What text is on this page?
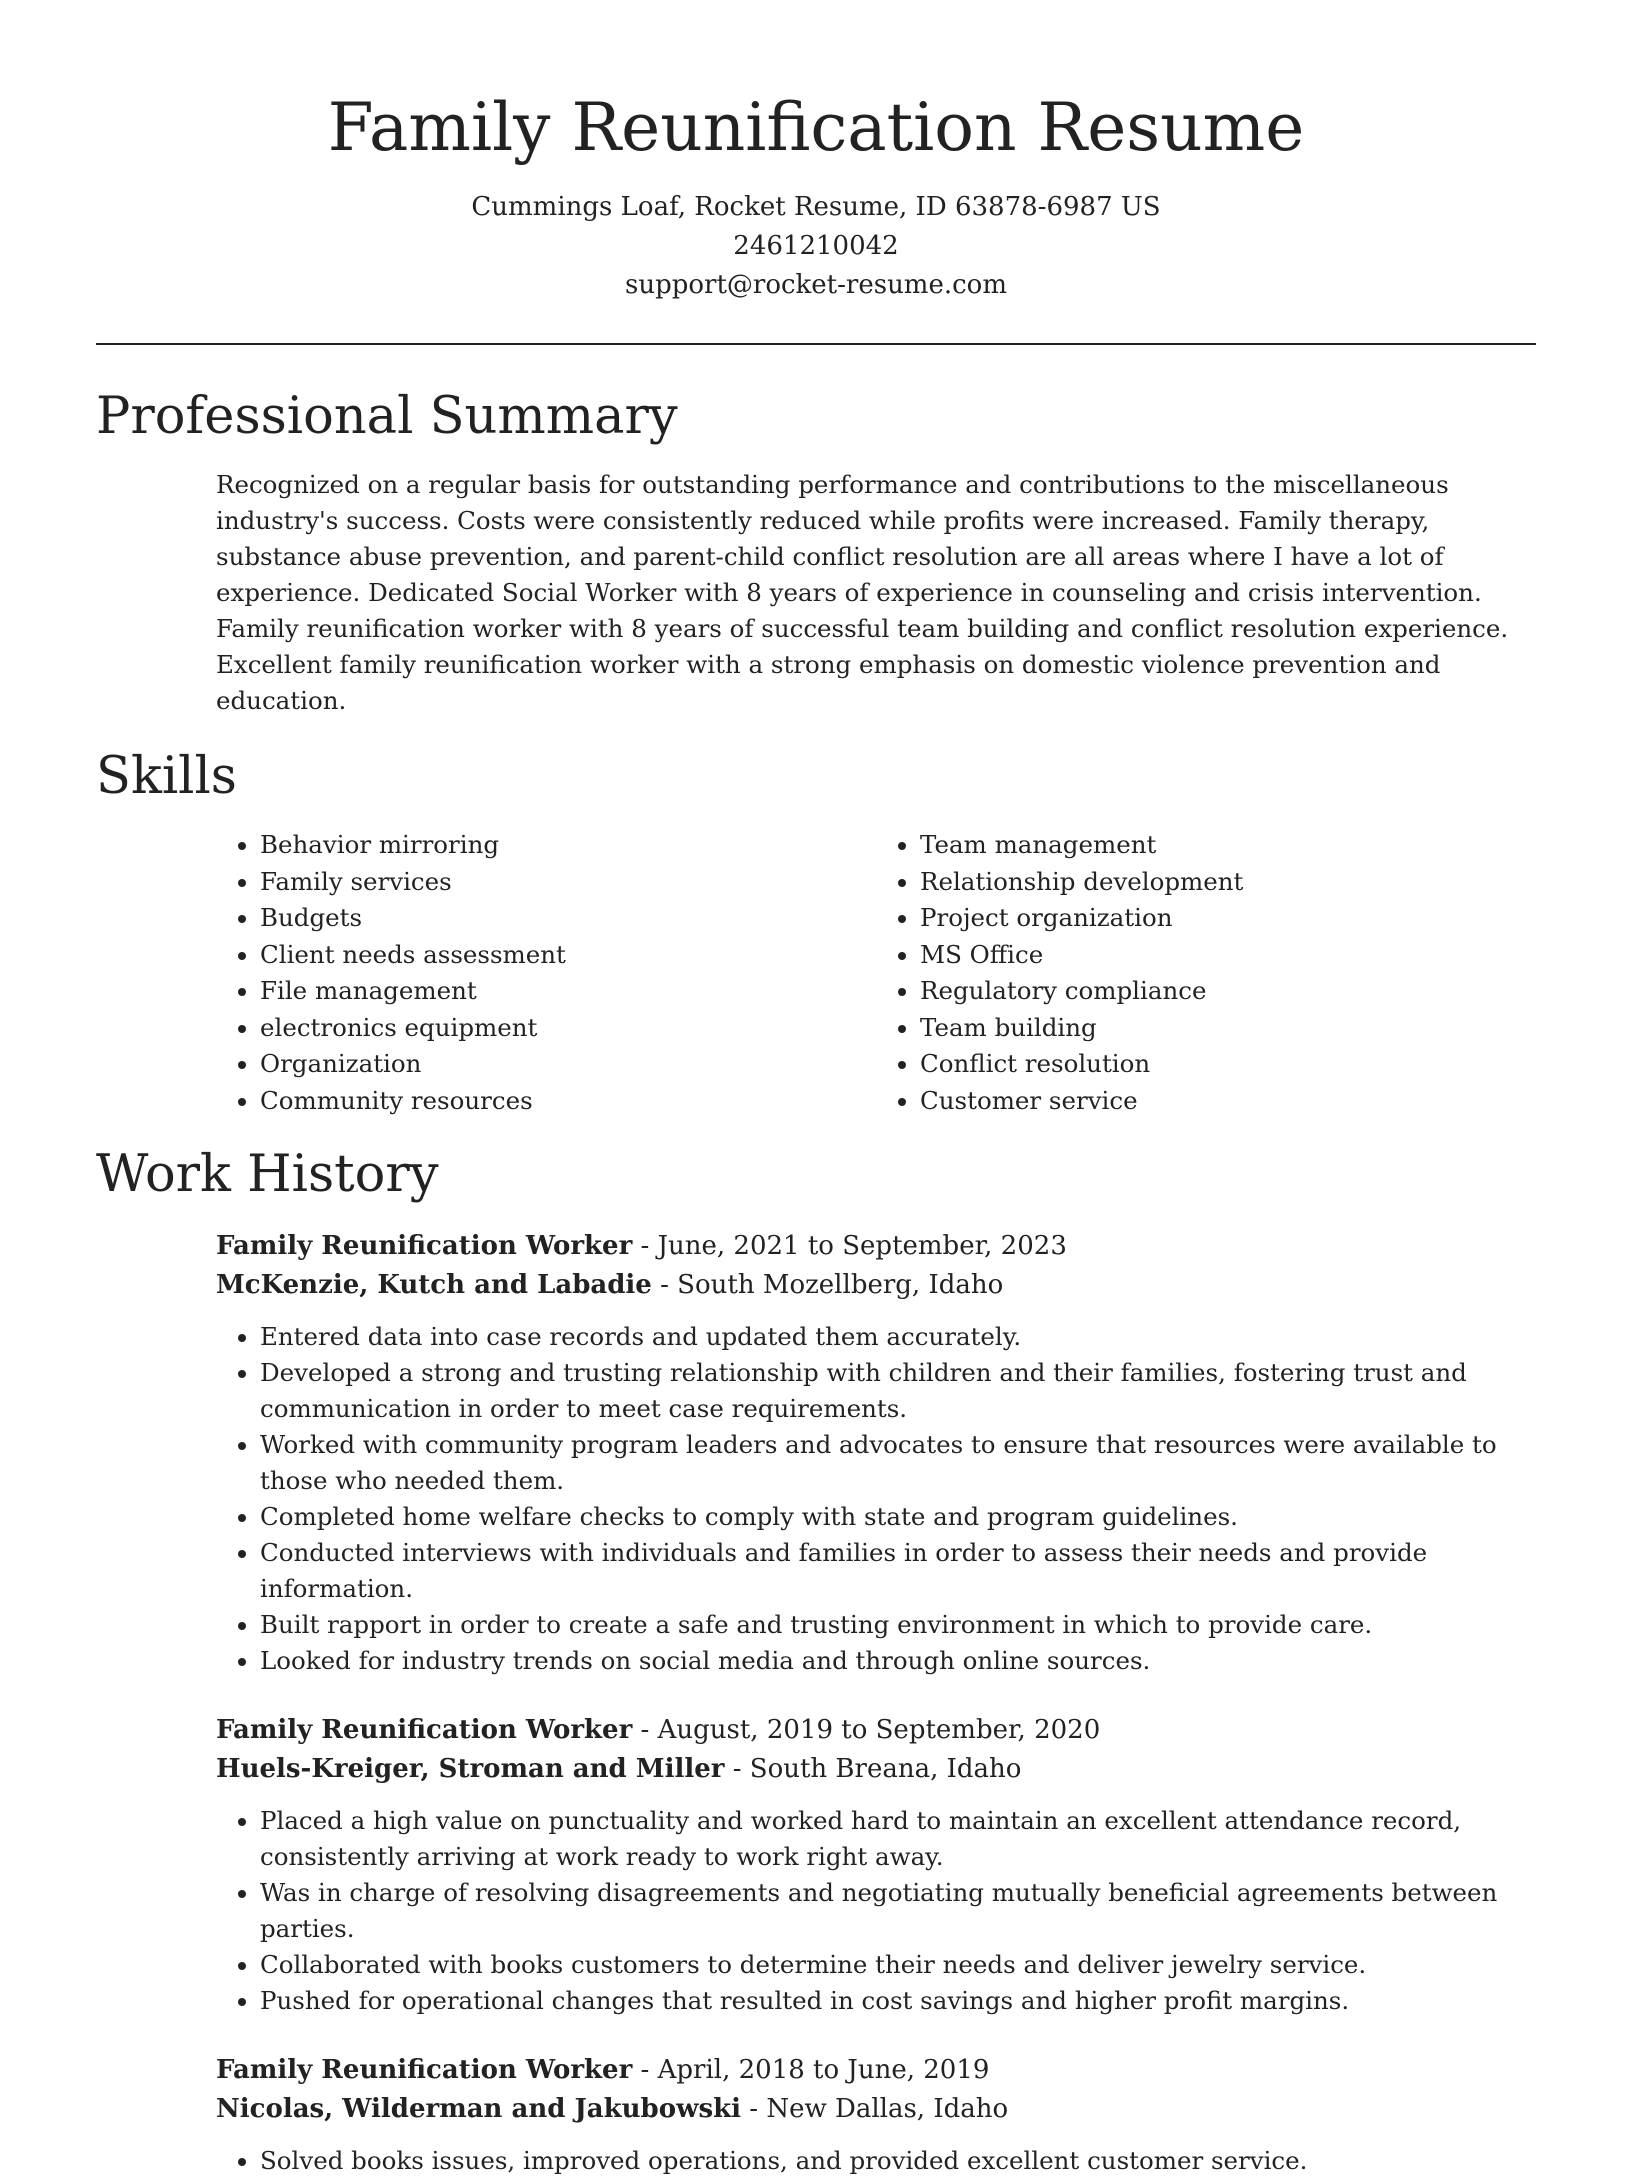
Family Reunification Resume
Cummings Loaf, Rocket Resume, ID 63878-6987 US
2461210042
support@rocket-resume.com
Professional Summary

Recognized on a regular basis for outstanding performance and contributions to the miscellaneous industry's success. Costs were consistently reduced while profits were increased. Family therapy, substance abuse prevention, and parent-child conflict resolution are all areas where I have a lot of experience. Dedicated Social Worker with 8 years of experience in counseling and crisis intervention. Family reunification worker with 8 years of successful team building and conflict resolution experience. Excellent family reunification worker with a strong emphasis on domestic violence prevention and education.

Skills
• Behavior mirroring
• Family services
• Budgets
• Client needs assessment
• File management
• electronics equipment
• Organization
• Community resources
• Team management
• Relationship development
• Project organization
• MS Office
• Regulatory compliance
• Team building
• Conflict resolution
• Customer service
Work History
Family Reunification Worker - June, 2021 to September, 2023
McKenzie, Kutch and Labadie - South Mozellberg, Idaho
• Entered data into case records and updated them accurately.
• Developed a strong and trusting relationship with children and their families, fostering trust and communication in order to meet case requirements.
• Worked with community program leaders and advocates to ensure that resources were available to those who needed them.
• Completed home welfare checks to comply with state and program guidelines.
• Conducted interviews with individuals and families in order to assess their needs and provide information.
• Built rapport in order to create a safe and trusting environment in which to provide care.
• Looked for industry trends on social media and through online sources.
Family Reunification Worker - August, 2019 to September, 2020
Huels-Kreiger, Stroman and Miller - South Breana, Idaho
• Placed a high value on punctuality and worked hard to maintain an excellent attendance record, consistently arriving at work ready to work right away.
• Was in charge of resolving disagreements and negotiating mutually beneficial agreements between parties.
• Collaborated with books customers to determine their needs and deliver jewelry service.
• Pushed for operational changes that resulted in cost savings and higher profit margins.
Family Reunification Worker - April, 2018 to June, 2019
Nicolas, Wilderman and Jakubowski - New Dallas, Idaho
• Solved books issues, improved operations, and provided excellent customer service.
